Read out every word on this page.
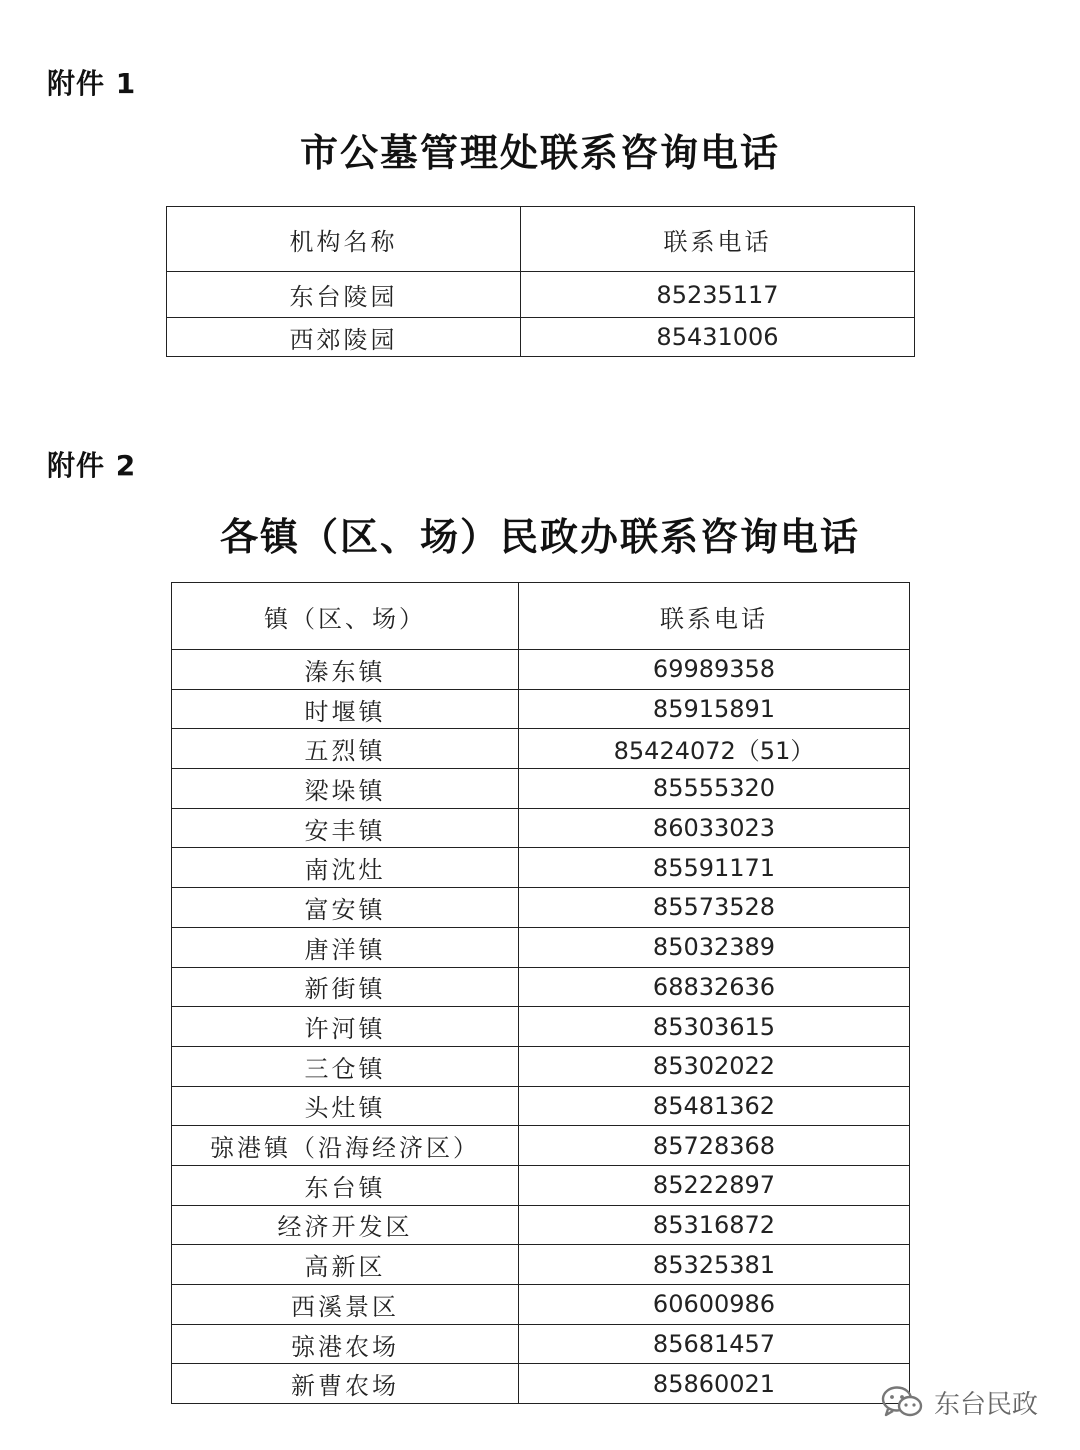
附件 1
市公墓管理处联系咨询电话
机构名称	联系电话
东台陵园	85235117
西郊陵园	85431006
附件 2
各镇（区、场）民政办联系咨询电话
镇（区、场）	联系电话
溱东镇	69989358
时堰镇	85915891
五烈镇	85424072（51）
梁垛镇	85555320
安丰镇	86033023
南沈灶	85591171
富安镇	85573528
唐洋镇	85032389
新街镇	68832636
许河镇	85303615
三仓镇	85302022
头灶镇	85481362
弶港镇（沿海经济区）	85728368
东台镇	85222897
经济开发区	85316872
高新区	85325381
西溪景区	60600986
弶港农场	85681457
新曹农场	85860021
东台民政
